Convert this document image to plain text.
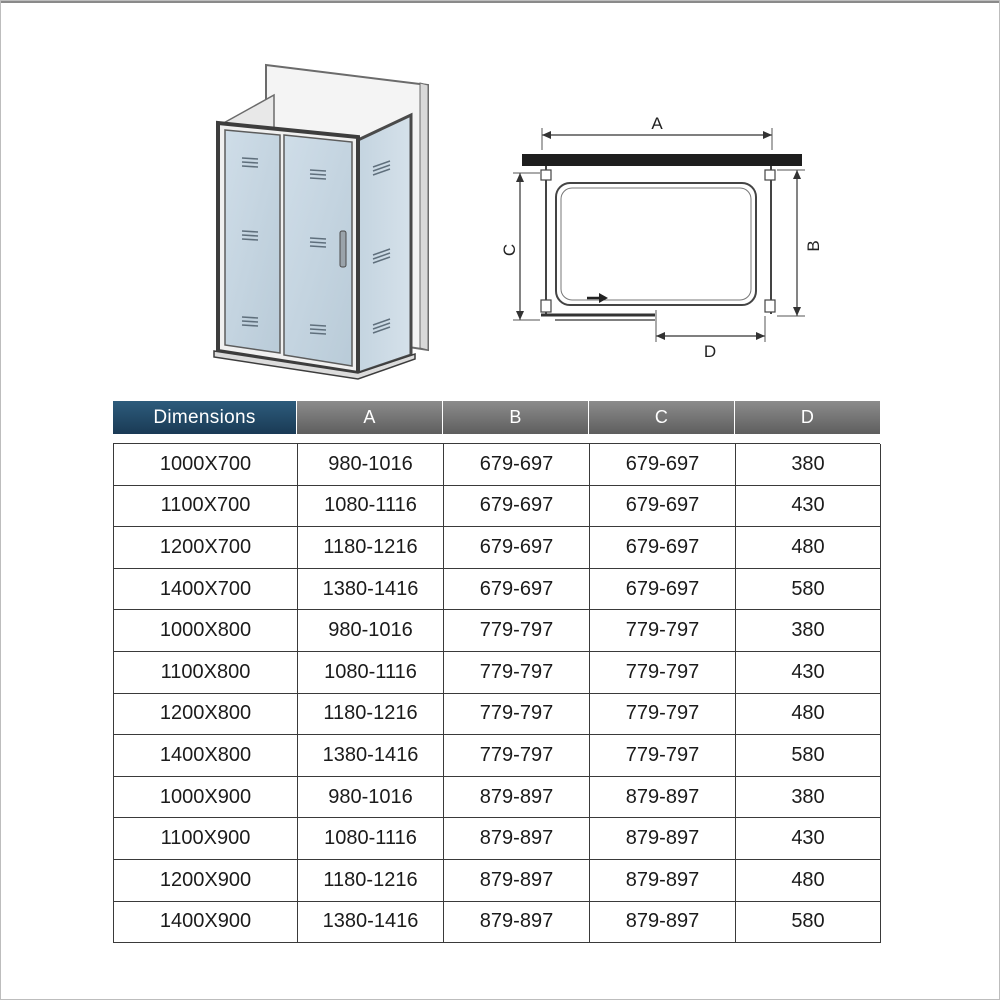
A
C	B
D
Dimensions	A	B	C	D
1000X700	980-1016	679-697	679-697	380
1100X700	1080-1116	679-697	679-697	430
1200X700	1180-1216	679-697	679-697	480
1400X700	1380-1416	679-697	679-697	580
1000X800	980-1016	779-797	779-797	380
1100X800	1080-1116	779-797	779-797	430
1200X800	1180-1216	779-797	779-797	480
1400X800	1380-1416	779-797	779-797	580
1000X900	980-1016	879-897	879-897	380
1100X900	1080-1116	879-897	879-897	430
1200X900	1180-1216	879-897	879-897	480
1400X900	1380-1416	879-897	879-897	580
